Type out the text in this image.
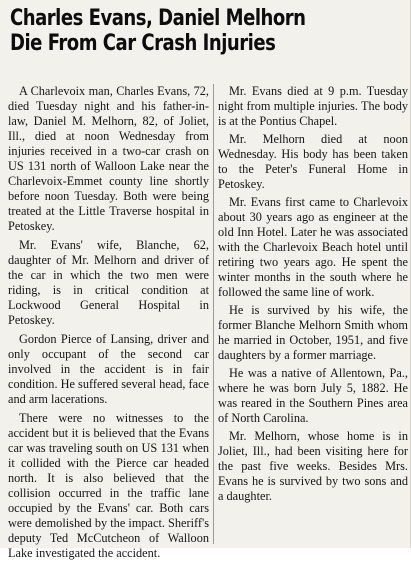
Charles Evans, Daniel Melhorn
Die From Car Crash Injuries

A Charlevoix man, Charles Evans, 72, died Tuesday night and his father-in-law, Daniel M. Melhorn, 82, of Joliet, Ill., died at noon Wednesday from injuries received in a two-car crash on US 131 north of Walloon Lake near the Charlevoix-Emmet county line shortly before noon Tuesday. Both were being treated at the Little Traverse hospital in Petoskey.

Mr. Evans' wife, Blanche, 62, daughter of Mr. Melhorn and driver of the car in which the two men were riding, is in critical condition at Lockwood General Hospital in Petoskey.

Gordon Pierce of Lansing, driver and only occupant of the second car involved in the accident is in fair condition. He suffered several head, face and arm lacerations.

There were no witnesses to the accident but it is believed that the Evans car was traveling south on US 131 when it collided with the Pierce car headed north. It is also believed that the collision occurred in the traffic lane occupied by the Evans' car. Both cars were demolished by the impact. Sheriff's deputy Ted McCutcheon of Walloon Lake investigated the accident.

Mr. Evans died at 9 p.m. Tuesday night from multiple injuries. The body is at the Pontius Chapel.

Mr. Melhorn died at noon Wednesday. His body has been taken to the Peter's Funeral Home in Petoskey.

Mr. Evans first came to Charlevoix about 30 years ago as engineer at the old Inn Hotel. Later he was associated with the Charlevoix Beach hotel until retiring two years ago. He spent the winter months in the south where he followed the same line of work.

He is survived by his wife, the former Blanche Melhorn Smith whom he married in October, 1951, and five daughters by a former marriage.

He was a native of Allentown, Pa., where he was born July 5, 1882. He was reared in the Southern Pines area of North Carolina.

Mr. Melhorn, whose home is in Joliet, Ill., had been visiting here for the past five weeks. Besides Mrs. Evans he is survived by two sons and a daughter.
